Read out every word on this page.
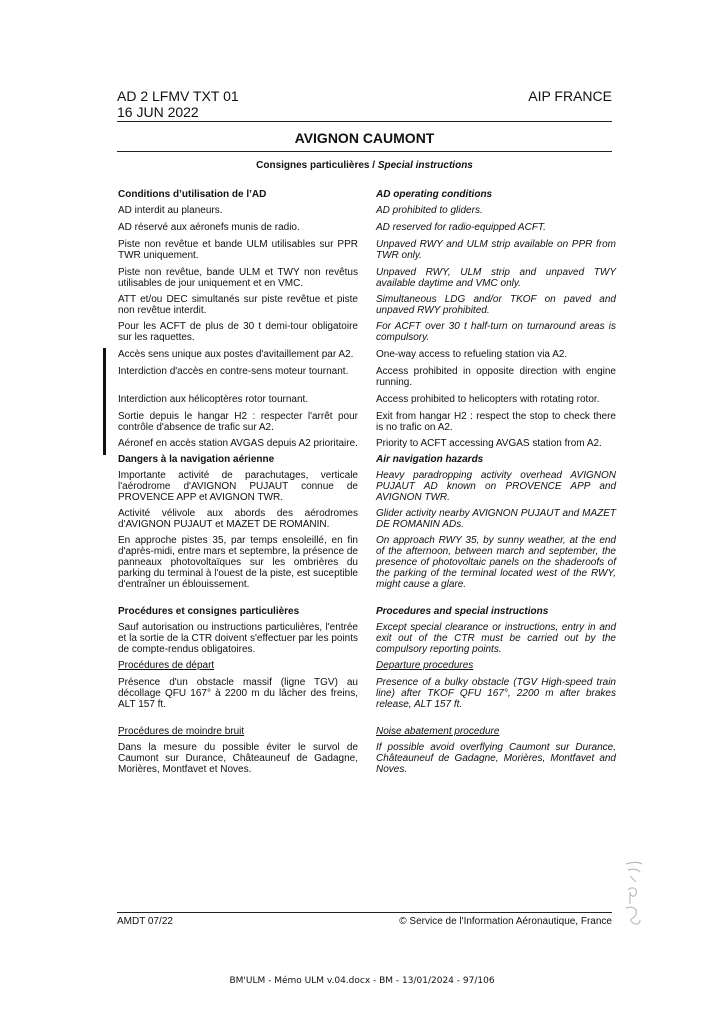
AD 2 LFMV TXT 01
16 JUN 2022
AIP FRANCE
AVIGNON CAUMONT
Consignes particulières / Special instructions
Conditions d’utilisation de l’AD
AD interdit au planeurs.
AD réservé aux aéronefs munis de radio.
Piste non revêtue et bande ULM utilisables sur PPR TWR uniquement.
Piste non revêtue, bande ULM et TWY non revêtus utilisables de jour uniquement et en VMC.
ATT et/ou DEC simultanés sur piste revêtue et piste non revêtue interdit.
Pour les ACFT de plus de 30 t demi-tour obligatoire sur les raquettes.
Accès sens unique aux postes d'avitaillement par A2.
Interdiction d'accès en contre-sens moteur tournant.
Interdiction aux hélicoptères rotor tournant.
Sortie depuis le hangar H2 : respecter l'arrêt pour contrôle d'absence de trafic sur A2.
Aéronef en accès station AVGAS depuis A2 prioritaire.
Dangers à la navigation aérienne
Importante activité de parachutages, verticale l'aérodrome d'AVIGNON PUJAUT connue de PROVENCE APP et AVIGNON TWR.
Activité vélivole aux abords des aérodromes d'AVIGNON PUJAUT et MAZET DE ROMANIN.
En approche pistes 35, par temps ensoleillé, en fin d'après-midi, entre mars et septembre, la présence de panneaux photovoltaïques sur les ombrières du parking du terminal à l'ouest de la piste, est suceptible d'entraîner un éblouissement.
Procédures et consignes particulières
Sauf autorisation ou instructions particulières, l'entrée et la sortie de la CTR doivent s'effectuer par les points de compte-rendus obligatoires.
Procédures de départ
Présence d'un obstacle massif (ligne TGV) au décollage QFU 167° à 2200 m du lâcher des freins, ALT 157 ft.
Procédures de moindre bruit
Dans la mesure du possible éviter le survol de Caumont sur Durance, Châteauneuf de Gadagne, Morières, Montfavet et Noves.
AD operating conditions
AD prohibited to gliders.
AD reserved for radio-equipped ACFT.
Unpaved RWY and ULM strip available on PPR from TWR only.
Unpaved RWY, ULM strip and unpaved TWY available daytime and VMC only.
Simultaneous LDG and/or TKOF on paved and unpaved RWY prohibited.
For ACFT over 30 t half-turn on turnaround areas is compulsory.
One-way access to refueling station via A2.
Access prohibited in opposite direction with engine running.
Access prohibited to helicopters with rotating rotor.
Exit from hangar H2 : respect the stop to check there is no trafic on A2.
Priority to ACFT accessing AVGAS station from A2.
Air navigation hazards
Heavy paradropping activity overhead AVIGNON PUJAUT AD known on PROVENCE APP and AVIGNON TWR.
Glider activity nearby AVIGNON PUJAUT and MAZET DE ROMANIN ADs.
On approach RWY 35, by sunny weather, at the end of the afternoon, between march and september, the presence of photovoltaic panels on the shaderoofs of the parking of the terminal located west of the RWY, might cause a glare.
Procedures and special instructions
Except special clearance or instructions, entry in and exit out of the CTR must be carried out by the compulsory reporting points.
Departure procedures
Presence of a bulky obstacle (TGV High-speed train line) after TKOF QFU 167°, 2200 m after brakes release, ALT 157 ft.
Noise abatement procedure
If possible avoid overflying Caumont sur Durance, Châteauneuf de Gadagne, Morières, Montfavet and Noves.
AMDT 07/22	© Service de l'Information Aéronautique, France
BM'ULM - Mémo ULM v.04.docx - BM - 13/01/2024 - 97/106
